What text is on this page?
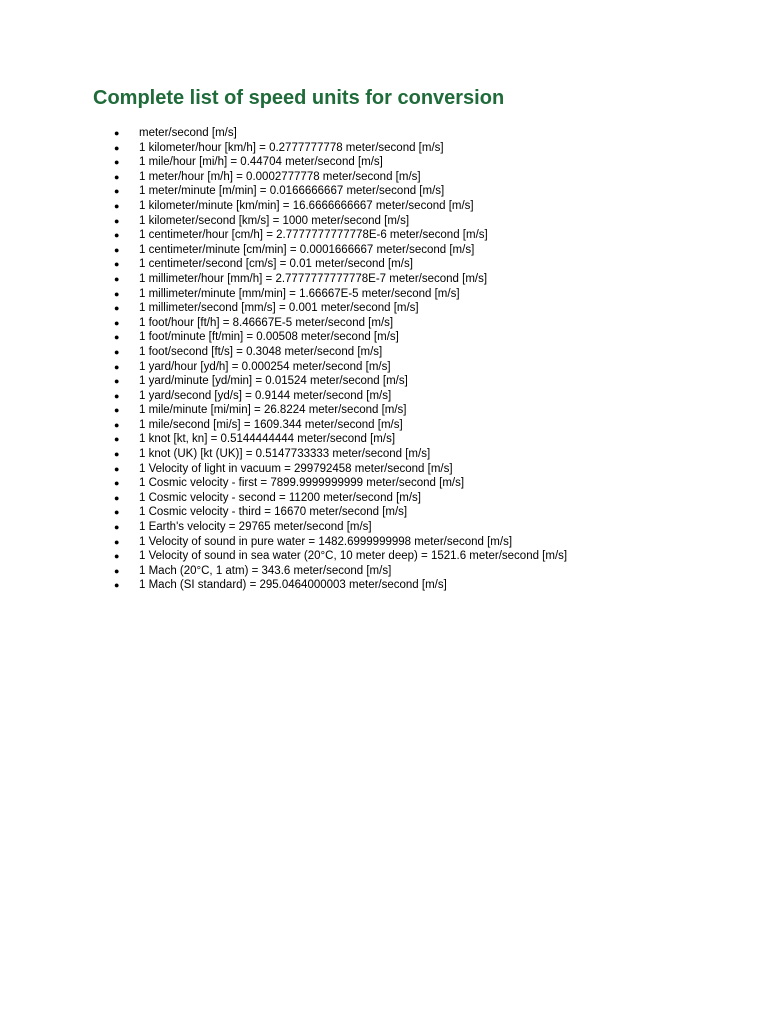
Complete list of speed units for conversion
● meter/second [m/s]
● 1 kilometer/hour [km/h] = 0.2777777778 meter/second [m/s]
● 1 mile/hour [mi/h] = 0.44704 meter/second [m/s]
● 1 meter/hour [m/h] = 0.0002777778 meter/second [m/s]
● 1 meter/minute [m/min] = 0.0166666667 meter/second [m/s]
● 1 kilometer/minute [km/min] = 16.6666666667 meter/second [m/s]
● 1 kilometer/second [km/s] = 1000 meter/second [m/s]
● 1 centimeter/hour [cm/h] = 2.7777777777778E-6 meter/second [m/s]
● 1 centimeter/minute [cm/min] = 0.0001666667 meter/second [m/s]
● 1 centimeter/second [cm/s] = 0.01 meter/second [m/s]
● 1 millimeter/hour [mm/h] = 2.7777777777778E-7 meter/second [m/s]
● 1 millimeter/minute [mm/min] = 1.66667E-5 meter/second [m/s]
● 1 millimeter/second [mm/s] = 0.001 meter/second [m/s]
● 1 foot/hour [ft/h] = 8.46667E-5 meter/second [m/s]
● 1 foot/minute [ft/min] = 0.00508 meter/second [m/s]
● 1 foot/second [ft/s] = 0.3048 meter/second [m/s]
● 1 yard/hour [yd/h] = 0.000254 meter/second [m/s]
● 1 yard/minute [yd/min] = 0.01524 meter/second [m/s]
● 1 yard/second [yd/s] = 0.9144 meter/second [m/s]
● 1 mile/minute [mi/min] = 26.8224 meter/second [m/s]
● 1 mile/second [mi/s] = 1609.344 meter/second [m/s]
● 1 knot [kt, kn] = 0.5144444444 meter/second [m/s]
● 1 knot (UK) [kt (UK)] = 0.5147733333 meter/second [m/s]
● 1 Velocity of light in vacuum = 299792458 meter/second [m/s]
● 1 Cosmic velocity - first = 7899.9999999999 meter/second [m/s]
● 1 Cosmic velocity - second = 11200 meter/second [m/s]
● 1 Cosmic velocity - third = 16670 meter/second [m/s]
● 1 Earth's velocity = 29765 meter/second [m/s]
● 1 Velocity of sound in pure water = 1482.6999999998 meter/second [m/s]
● 1 Velocity of sound in sea water (20°C, 10 meter deep) = 1521.6 meter/second [m/s]
● 1 Mach (20°C, 1 atm) = 343.6 meter/second [m/s]
● 1 Mach (SI standard) = 295.0464000003 meter/second [m/s]
